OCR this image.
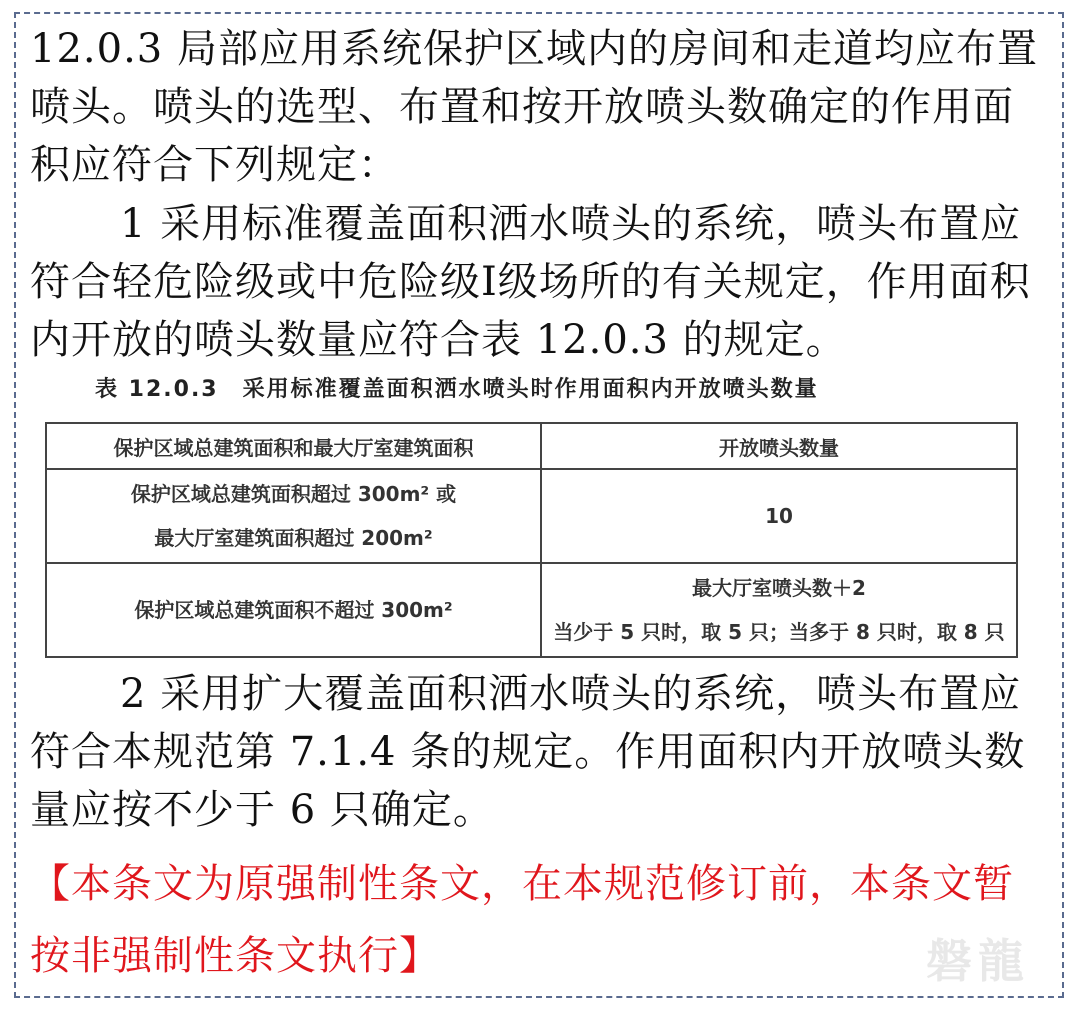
12.0.3 局部应用系统保护区域内的房间和走道均应布置喷头。喷头的选型、布置和按开放喷头数确定的作用面积应符合下列规定：

1 采用标准覆盖面积洒水喷头的系统，喷头布置应符合轻危险级或中危险级Ⅰ级场所的有关规定，作用面积内开放的喷头数量应符合表 12.0.3 的规定。

表 12.0.3　采用标准覆盖面积洒水喷头时作用面积内开放喷头数量
保护区域总建筑面积和最大厅室建筑面积	开放喷头数量

保护区域总建筑面积超过 300m² 或
最大厅室建筑面积超过 200m²	10

保护区域总建筑面积不超过 300m²	最大厅室喷头数＋2
当少于 5 只时，取 5 只；当多于 8 只时，取 8 只

2 采用扩大覆盖面积洒水喷头的系统，喷头布置应符合本规范第 7.1.4 条的规定。作用面积内开放喷头数量应按不少于 6 只确定。

【本条文为原强制性条文，在本规范修订前，本条文暂按非强制性条文执行】	磐龍
